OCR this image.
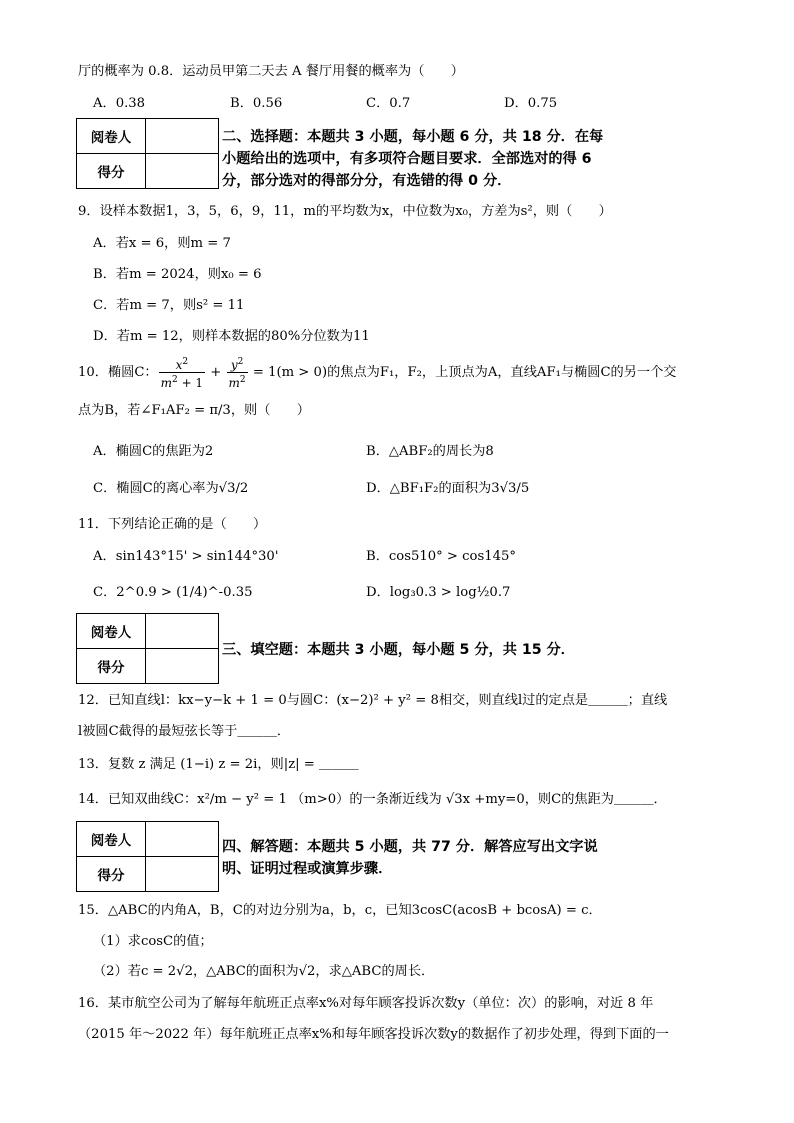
厅的概率为 0.8．运动员甲第二天去 A 餐厅用餐的概率为（　　）
A．0.38	B．0.56	C．0.7	D．0.75
阅卷人	
得分	
二、选择题：本题共 3 小题，每小题 6 分，共 18 分．在每
小题给出的选项中，有多项符合题目要求．全部选对的得 6
分，部分选对的得部分分，有选错的得 0 分．
9．设样本数据1，3，5，6，9，11，m的平均数为x，中位数为x₀，方差为s²，则（　　）
A．若x = 6，则m = 7
B．若m = 2024，则x₀ = 6
C．若m = 7，则s² = 11
D．若m = 12，则样本数据的80%分位数为11
10．椭圆C： $\frac{x^2}{m^2 + 1} + \frac{y^2}{m^2} = 1(m > 0)$的焦点为F₁，F₂，上顶点为A，直线AF₁与椭圆C的另一个交
点为B，若∠F₁AF₂ = π/3，则（　　）
A．椭圆C的焦距为2	B．△ABF₂的周长为8
C．椭圆C的离心率为√3/2	D．△BF₁F₂的面积为3√3/5
11．下列结论正确的是（　　）
A．sin143°15' > sin144°30'	B．cos510° > cos145°
C．2^0.9 > (1/4)^-0.35	D．log₃0.3 > log½0.7
阅卷人	
得分	
三、填空题：本题共 3 小题，每小题 5 分，共 15 分．
12．已知直线l：kx−y−k + 1 = 0与圆C：(x−2)² + y² = 8相交，则直线l过的定点是＿＿＿；直线
l被圆C截得的最短弦长等于＿＿＿．
13．复数 z 满足 (1−i) z = 2i，则|z| = ＿＿＿
14．已知双曲线C：x²/m − y² = 1 （m>0）的一条渐近线为 √3x +my=0，则C的焦距为＿＿＿．
阅卷人	
得分	
四、解答题：本题共 5 小题，共 77 分．解答应写出文字说
明、证明过程或演算步骤．
15．△ABC的内角A，B，C的对边分别为a，b，c，已知3cosC(acosB + bcosA) = c．
（1）求cosC的值；
（2）若c = 2√2，△ABC的面积为√2，求△ABC的周长．
16．某市航空公司为了解每年航班正点率x%对每年顾客投诉次数y（单位：次）的影响，对近 8 年
（2015 年～2022 年）每年航班正点率x%和每年顾客投诉次数y的数据作了初步处理，得到下面的一
